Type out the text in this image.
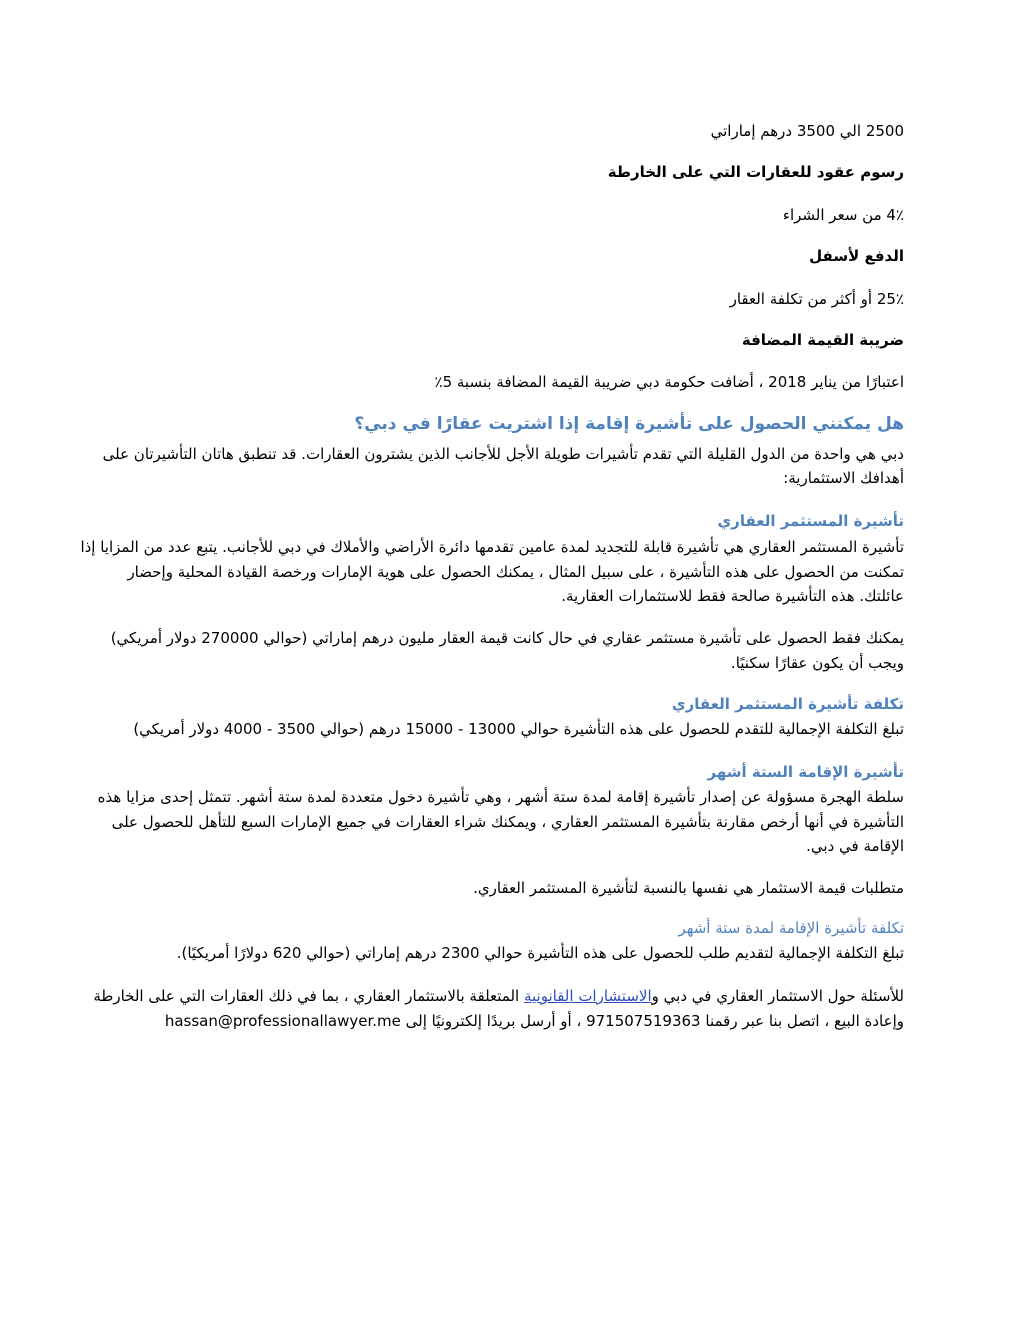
2500 الي 3500 درهم إماراتي

رسوم عقود للعقارات التي على الخارطة

4٪ من سعر الشراء

الدفع لأسفل

25٪ أو أكثر من تكلفة العقار

ضريبة القيمة المضافة

اعتبارًا من يناير 2018 ، أضافت حكومة دبي ضريبة القيمة المضافة بنسبة 5٪

هل يمكنني الحصول على تأشيرة إقامة إذا اشتريت عقارًا في دبي؟

دبي هي واحدة من الدول القليلة التي تقدم تأشيرات طويلة الأجل للأجانب الذين يشترون العقارات. قد تنطبق هاتان التأشيرتان على

أهدافك الاستثمارية:

تأشيرة المستثمر العقاري

تأشيرة المستثمر العقاري هي تأشيرة قابلة للتجديد لمدة عامين تقدمها دائرة الأراضي والأملاك في دبي للأجانب. يتبع عدد من المزايا إذا

تمكنت من الحصول على هذه التأشيرة ، على سبيل المثال ، يمكنك الحصول على هوية الإمارات ورخصة القيادة المحلية وإحضار

عائلتك. هذه التأشيرة صالحة فقط للاستثمارات العقارية.

يمكنك فقط الحصول على تأشيرة مستثمر عقاري في حال كانت قيمة العقار مليون درهم إماراتي (حوالي 270000 دولار أمريكي)

ويجب أن يكون عقارًا سكنيًا.

تكلفة تأشيرة المستثمر العقاري

تبلغ التكلفة الإجمالية للتقدم للحصول على هذه التأشيرة حوالي 13000 - 15000 درهم (حوالي 3500 - 4000 دولار أمريكي)

تأشيرة الإقامة الستة أشهر

سلطة الهجرة مسؤولة عن إصدار تأشيرة إقامة لمدة ستة أشهر ، وهي تأشيرة دخول متعددة لمدة ستة أشهر. تتمثل إحدى مزايا هذه

التأشيرة في أنها أرخص مقارنة بتأشيرة المستثمر العقاري ، ويمكنك شراء العقارات في جميع الإمارات السبع للتأهل للحصول على

الإقامة في دبي.

متطلبات قيمة الاستثمار هي نفسها بالنسبة لتأشيرة المستثمر العقاري.

تكلفة تأشيرة الإقامة لمدة ستة أشهر

تبلغ التكلفة الإجمالية لتقديم طلب للحصول على هذه التأشيرة حوالي 2300 درهم إماراتي (حوالي 620 دولارًا أمريكيًا).

للأسئلة حول الاستثمار العقاري في دبي والاستشارات القانونية المتعلقة بالاستثمار العقاري ، بما في ذلك العقارات التي على الخارطة

وإعادة البيع ، اتصل بنا عبر رقمنا 971507519363 ، أو أرسل بريدًا إلكترونيًا إلى hassan@professionallawyer.me
